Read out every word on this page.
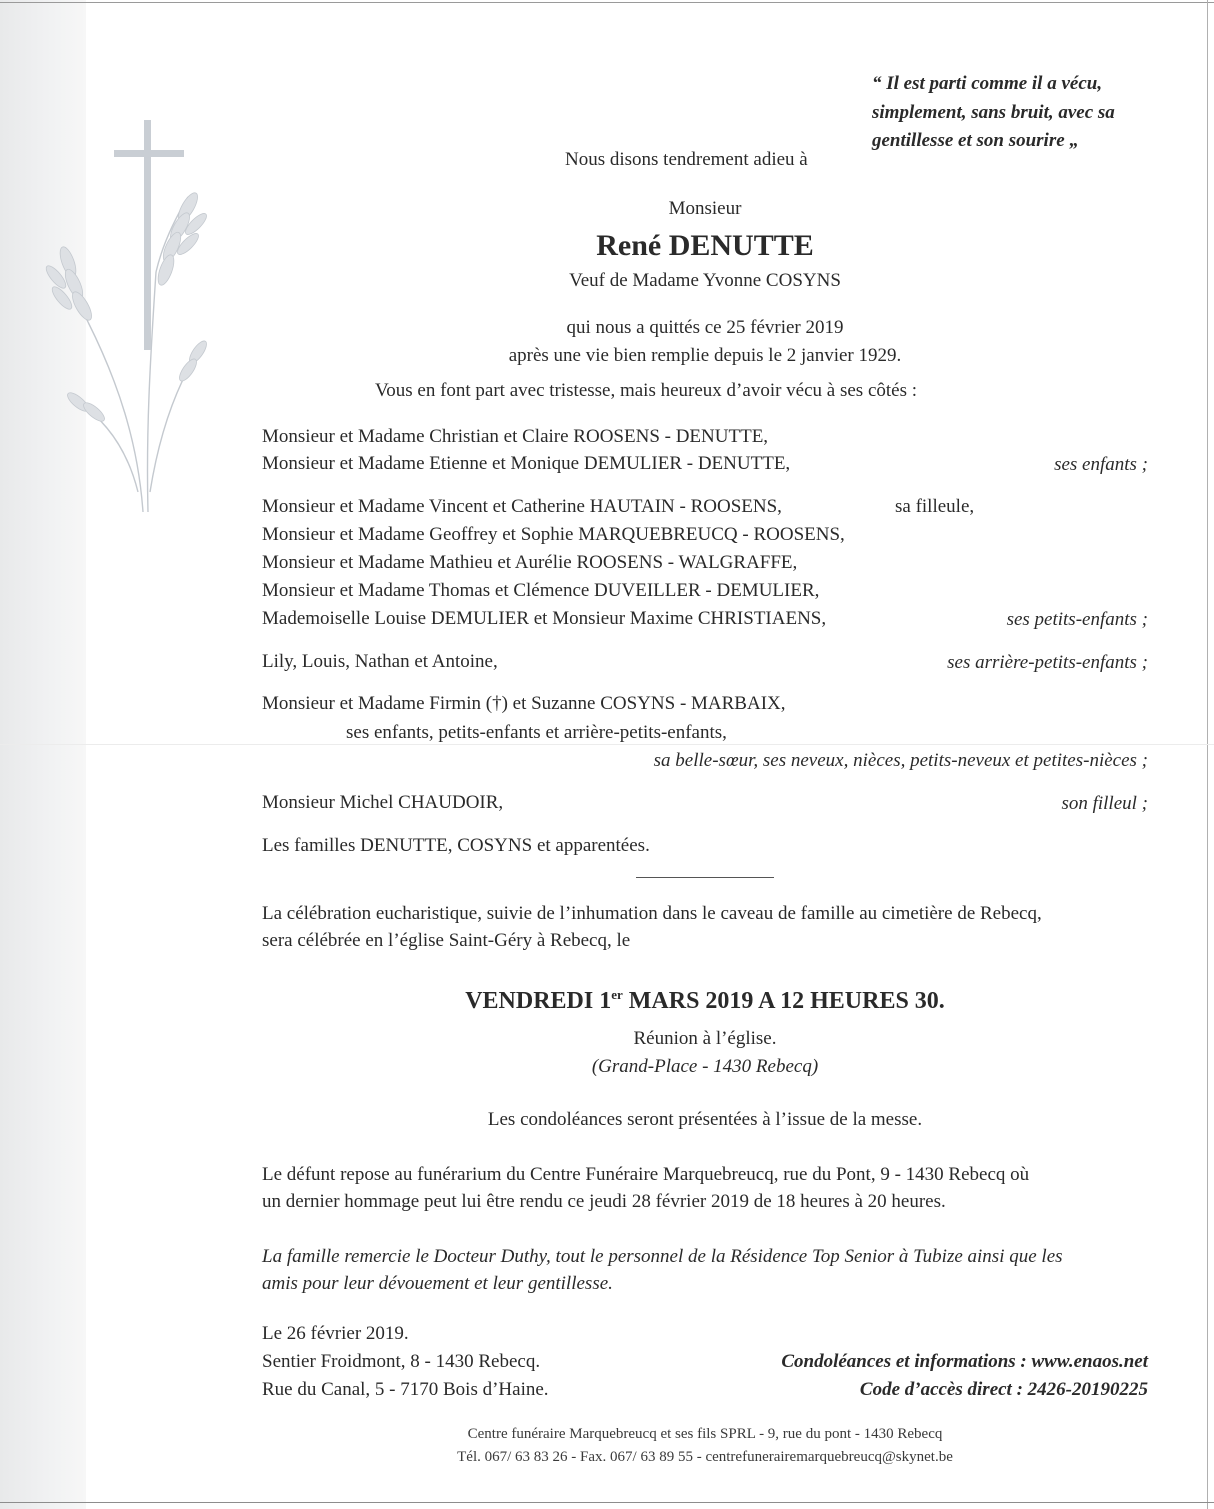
“ Il est parti comme il a vécu,
simplement, sans bruit, avec sa
gentillesse et son sourire „
Nous disons tendrement adieu à
Monsieur
René DENUTTE
Veuf de Madame Yvonne COSYNS
qui nous a quittés ce 25 février 2019
après une vie bien remplie depuis le 2 janvier 1929.
Vous en font part avec tristesse, mais heureux d’avoir vécu à ses côtés :
Monsieur et Madame Christian et Claire ROOSENS - DENUTTE,
Monsieur et Madame Etienne et Monique DEMULIER - DENUTTE,	ses enfants ;
Monsieur et Madame Vincent et Catherine HAUTAIN - ROOSENS,	sa filleule,
Monsieur et Madame Geoffrey et Sophie MARQUEBREUCQ - ROOSENS,
Monsieur et Madame Mathieu et Aurélie ROOSENS - WALGRAFFE,
Monsieur et Madame Thomas et Clémence DUVEILLER - DEMULIER,
Mademoiselle Louise DEMULIER et Monsieur Maxime CHRISTIAENS,	ses petits-enfants ;
Lily, Louis, Nathan et Antoine,	ses arrière-petits-enfants ;
Monsieur et Madame Firmin (†) et Suzanne COSYNS - MARBAIX,
ses enfants, petits-enfants et arrière-petits-enfants,
sa belle-sœur, ses neveux, nièces, petits-neveux et petites-nièces ;
Monsieur Michel CHAUDOIR,	son filleul ;
Les familles DENUTTE, COSYNS et apparentées.
La célébration eucharistique, suivie de l’inhumation dans le caveau de famille au cimetière de Rebecq,
sera célébrée en l’église Saint-Géry à Rebecq, le
VENDREDI 1er MARS 2019 A 12 HEURES 30.
Réunion à l’église.
(Grand-Place - 1430 Rebecq)
Les condoléances seront présentées à l’issue de la messe.
Le défunt repose au funérarium du Centre Funéraire Marquebreucq, rue du Pont, 9 - 1430 Rebecq où
un dernier hommage peut lui être rendu ce jeudi 28 février 2019 de 18 heures à 20 heures.
La famille remercie le Docteur Duthy, tout le personnel de la Résidence Top Senior à Tubize ainsi que les
amis pour leur dévouement et leur gentillesse.
Le 26 février 2019.
Sentier Froidmont, 8 - 1430 Rebecq.
Rue du Canal, 5 - 7170 Bois d’Haine.
Condoléances et informations : www.enaos.net
Code d’accès direct : 2426-20190225
Centre funéraire Marquebreucq et ses fils SPRL - 9, rue du pont - 1430 Rebecq
Tél. 067/ 63 83 26 - Fax. 067/ 63 89 55 - centrefunerairemarquebreucq@skynet.be
